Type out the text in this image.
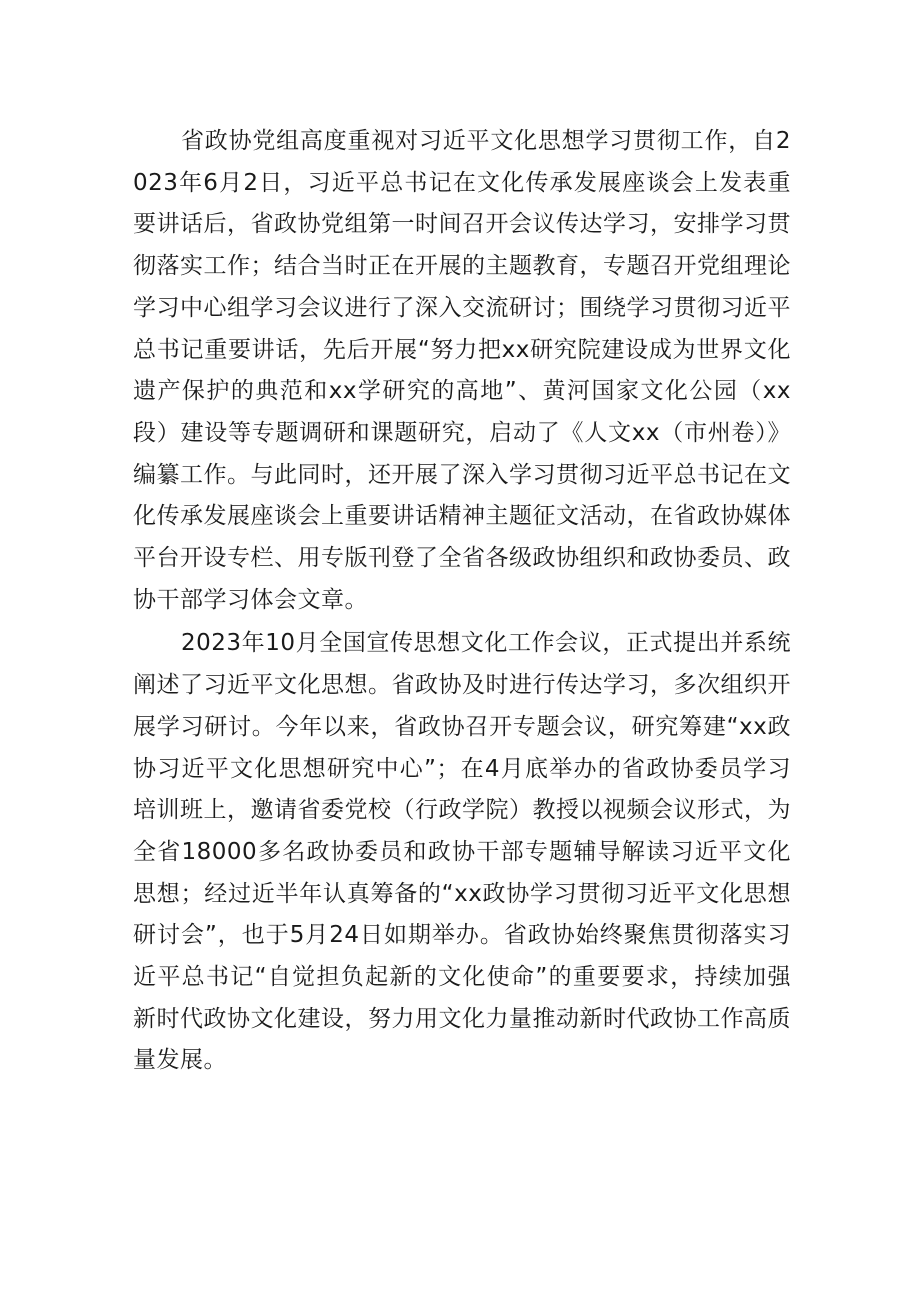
省政协党组高度重视对习近平文化思想学习贯彻工作，自2023年6月2日，习近平总书记在文化传承发展座谈会上发表重要讲话后，省政协党组第一时间召开会议传达学习，安排学习贯彻落实工作；结合当时正在开展的主题教育，专题召开党组理论学习中心组学习会议进行了深入交流研讨；围绕学习贯彻习近平总书记重要讲话，先后开展“努力把xx研究院建设成为世界文化遗产保护的典范和xx学研究的高地”、黄河国家文化公园（xx段）建设等专题调研和课题研究，启动了《人文xx（市州卷）》编纂工作。与此同时，还开展了深入学习贯彻习近平总书记在文化传承发展座谈会上重要讲话精神主题征文活动，在省政协媒体平台开设专栏、用专版刊登了全省各级政协组织和政协委员、政协干部学习体会文章。

2023年10月全国宣传思想文化工作会议，正式提出并系统阐述了习近平文化思想。省政协及时进行传达学习，多次组织开展学习研讨。今年以来，省政协召开专题会议，研究筹建“xx政协习近平文化思想研究中心”；在4月底举办的省政协委员学习培训班上，邀请省委党校（行政学院）教授以视频会议形式，为全省18000多名政协委员和政协干部专题辅导解读习近平文化思想；经过近半年认真筹备的“xx政协学习贯彻习近平文化思想研讨会”，也于5月24日如期举办。省政协始终聚焦贯彻落实习近平总书记“自觉担负起新的文化使命”的重要要求，持续加强新时代政协文化建设，努力用文化力量推动新时代政协工作高质量发展。
